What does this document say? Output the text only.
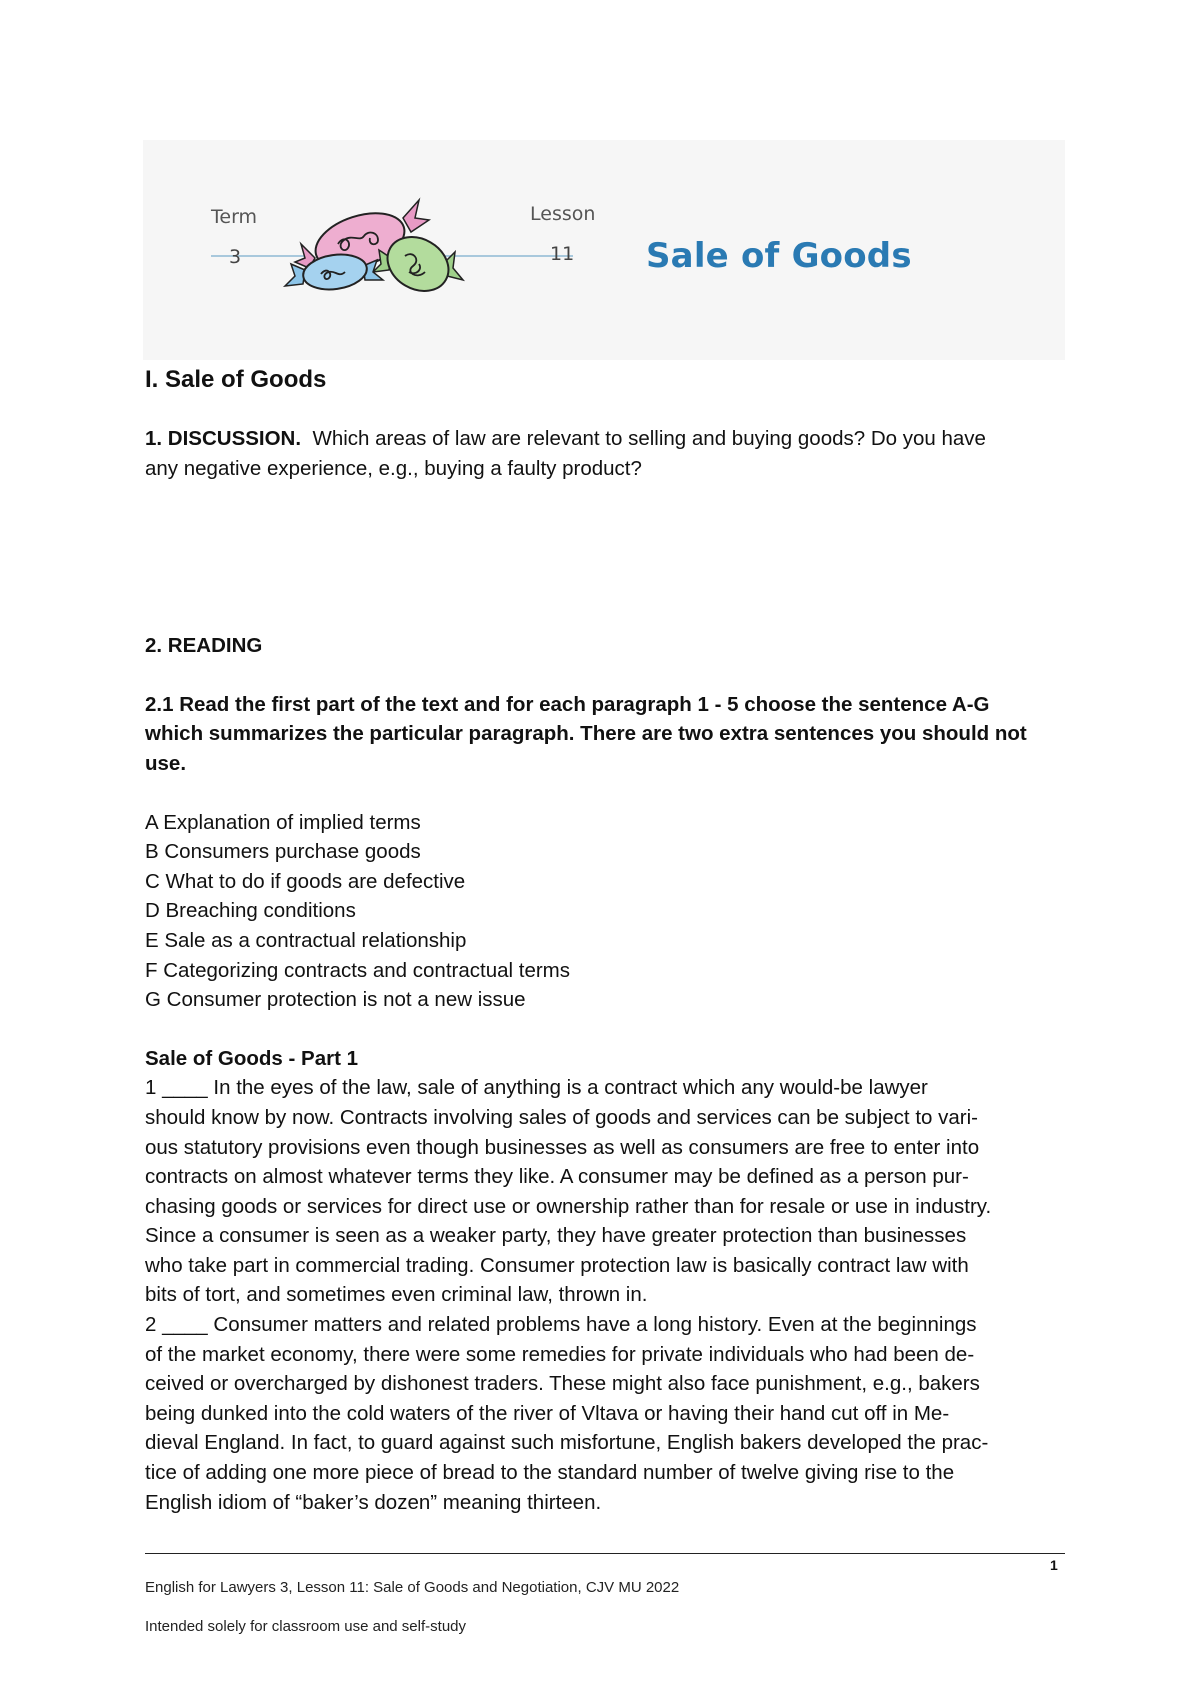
Term
3
Lesson
11 Sale of Goods

I. Sale of Goods

1. DISCUSSION. Which areas of law are relevant to selling and buying goods? Do you have

any negative experience, e.g., buying a faulty product?

2. READING

2.1 Read the first part of the text and for each paragraph 1 - 5 choose the sentence A-G

which summarizes the particular paragraph. There are two extra sentences you should not

use.

A Explanation of implied terms

B Consumers purchase goods

C What to do if goods are defective

D Breaching conditions

E Sale as a contractual relationship

F Categorizing contracts and contractual terms

G Consumer protection is not a new issue

Sale of Goods - Part 1

1 ____ In the eyes of the law, sale of anything is a contract which any would-be lawyer

should know by now. Contracts involving sales of goods and services can be subject to vari-

ous statutory provisions even though businesses as well as consumers are free to enter into

contracts on almost whatever terms they like. A consumer may be defined as a person pur-

chasing goods or services for direct use or ownership rather than for resale or use in industry.

Since a consumer is seen as a weaker party, they have greater protection than businesses

who take part in commercial trading. Consumer protection law is basically contract law with

bits of tort, and sometimes even criminal law, thrown in.

2 ____ Consumer matters and related problems have a long history. Even at the beginnings

of the market economy, there were some remedies for private individuals who had been de-

ceived or overcharged by dishonest traders. These might also face punishment, e.g., bakers

being dunked into the cold waters of the river of Vltava or having their hand cut off in Me-

dieval England. In fact, to guard against such misfortune, English bakers developed the prac-

tice of adding one more piece of bread to the standard number of twelve giving rise to the

English idiom of “baker’s dozen” meaning thirteen.

1
English for Lawyers 3, Lesson 11: Sale of Goods and Negotiation, CJV MU 2022
Intended solely for classroom use and self-study
